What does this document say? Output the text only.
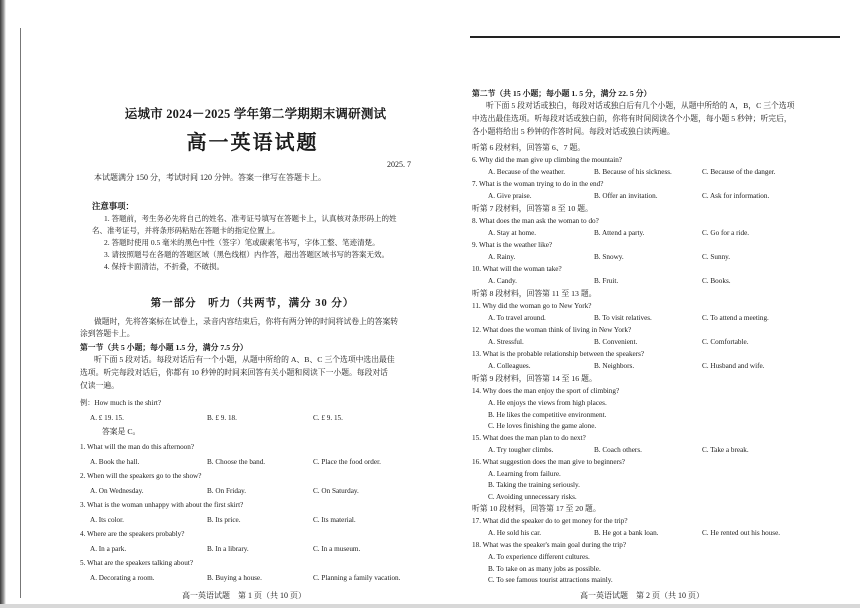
运城市 2024－2025 学年第二学期期末调研测试
高一英语试题
2025. 7
本试题满分 150 分，考试时间 120 分钟。答案一律写在答题卡上。
注意事项：
1. 答题前，考生务必先将自己的姓名、准考证号填写在答题卡上，认真核对条形码上的姓
名、准考证号，并将条形码粘贴在答题卡的指定位置上。
2. 答题时使用 0.5 毫米的黑色中性（签字）笔或碳素笔书写，字体工整、笔迹清楚。
3. 请按照题号在各题的答题区域（黑色线框）内作答，超出答题区域书写的答案无效。
4. 保持卡面清洁，不折叠，不破损。
第一部分　听力（共两节，满分 30 分）
做题时，先将答案标在试卷上，录音内容结束后，你将有两分钟的时间将试卷上的答案转
涂到答题卡上。
第一节（共 5 小题；每小题 1.5 分，满分 7.5 分）
听下面 5 段对话。每段对话后有一个小题，从题中所给的 A、B、C 三个选项中选出最佳
选项。听完每段对话后，你都有 10 秒钟的时间来回答有关小题和阅读下一小题。每段对话
仅读一遍。
例：How much is the shirt?
A. £ 19. 15.	B. £ 9. 18.	C. £ 9. 15.
答案是 C。
1. What will the man do this afternoon?
A. Book the hall.	B. Choose the band.	C. Place the food order.
2. When will the speakers go to the show?
A. On Wednesday.	B. On Friday.	C. On Saturday.
3. What is the woman unhappy with about the first skirt?
A. Its color.	B. Its price.	C. Its material.
4. Where are the speakers probably?
A. In a park.	B. In a library.	C. In a museum.
5. What are the speakers talking about?
A. Decorating a room.	B. Buying a house.	C. Planning a family vacation.
高一英语试题　第 1 页（共 10 页）
第二节（共 15 小题；每小题 1. 5 分，满分 22. 5 分）
听下面 5 段对话或独白，每段对话或独白后有几个小题，从题中所给的 A，B，C 三个选项
中选出最佳选项。听每段对话或独白前，你将有时间阅读各个小题，每小题 5 秒钟；听完后，
各小题将给出 5 秒钟的作答时间。每段对话或独白读两遍。
听第 6 段材料，回答第 6、7 题。
6. Why did the man give up climbing the mountain?
A. Because of the weather.	B. Because of his sickness.	C. Because of the danger.
7. What is the woman trying to do in the end?
A. Give praise.	B. Offer an invitation.	C. Ask for information.
听第 7 段材料，回答第 8 至 10 题。
8. What does the man ask the woman to do?
A. Stay at home.	B. Attend a party.	C. Go for a ride.
9. What is the weather like?
A. Rainy.	B. Snowy.	C. Sunny.
10. What will the woman take?
A. Candy.	B. Fruit.	C. Books.
听第 8 段材料，回答第 11 至 13 题。
11. Why did the woman go to New York?
A. To travel around.	B. To visit relatives.	C. To attend a meeting.
12. What does the woman think of living in New York?
A. Stressful.	B. Convenient.	C. Comfortable.
13. What is the probable relationship between the speakers?
A. Colleagues.	B. Neighbors.	C. Husband and wife.
听第 9 段材料，回答第 14 至 16 题。
14. Why does the man enjoy the sport of climbing?
A. He enjoys the views from high places.
B. He likes the competitive environment.
C. He loves finishing the game alone.
15. What does the man plan to do next?
A. Try tougher climbs.	B. Coach others.	C. Take a break.
16. What suggestion does the man give to beginners?
A. Learning from failure.
B. Taking the training seriously.
C. Avoiding unnecessary risks.
听第 10 段材料，回答第 17 至 20 题。
17. What did the speaker do to get money for the trip?
A. He sold his car.	B. He got a bank loan.	C. He rented out his house.
18. What was the speaker's main goal during the trip?
A. To experience different cultures.
B. To take on as many jobs as possible.
C. To see famous tourist attractions mainly.
高一英语试题　第 2 页（共 10 页）
